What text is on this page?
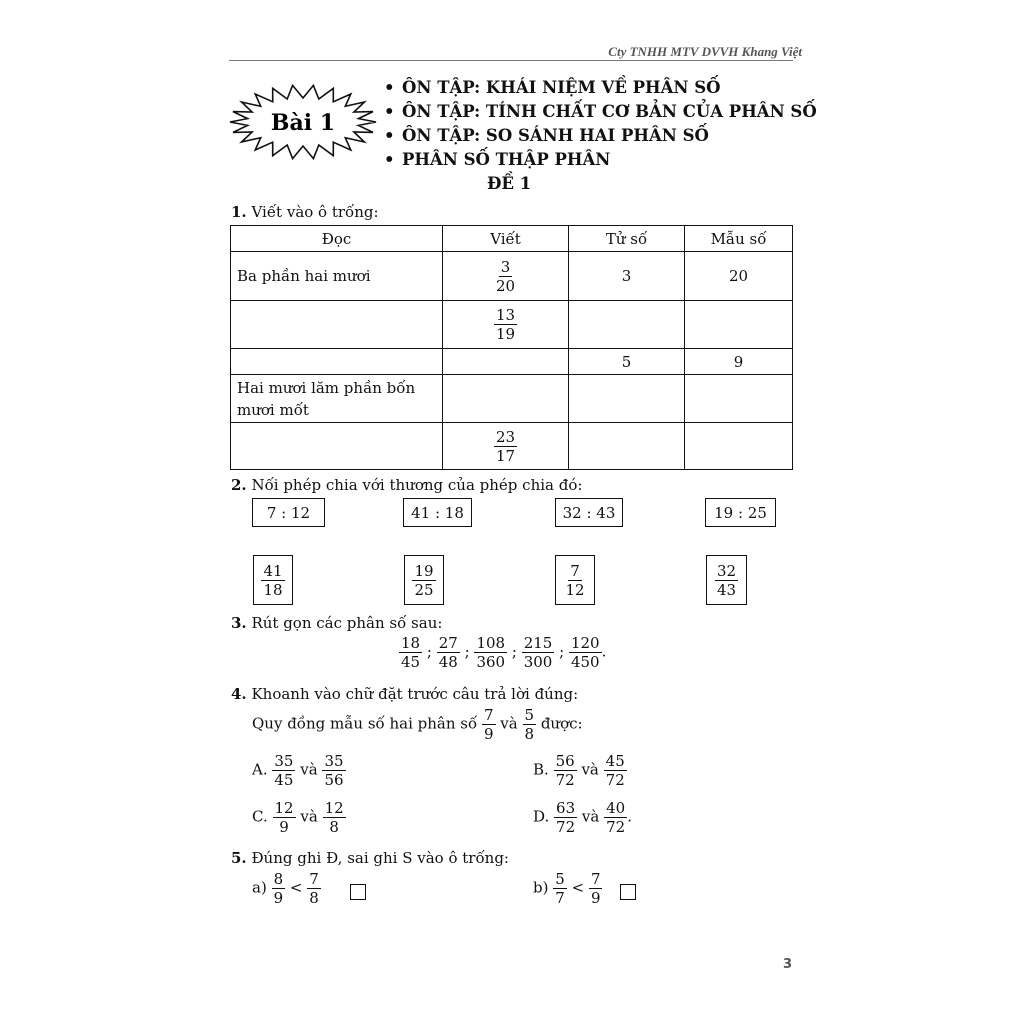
Cty TNHH MTV DVVH Khang Việt
Bài 1
• ÔN TẬP: KHÁI NIỆM VỀ PHÂN SỐ
• ÔN TẬP: TÍNH CHẤT CƠ BẢN CỦA PHÂN SỐ
• ÔN TẬP: SO SÁNH HAI PHÂN SỐ
• PHÂN SỐ THẬP PHÂN
ĐỀ 1
1. Viết vào ô trống:
Đọc	Viết	Tử số	Mẫu số
Ba phần hai mươi	$\frac{3}{20}$	3	20

	$\frac{13}{19}$

		5	9
Hai mươi lăm phần bốn mươi mốt			

	$\frac{23}{17}$

2. Nối phép chia với thương của phép chia đó:
7 : 12	41 : 18	32 : 43	19 : 25
$\frac{41}{18}$	$\frac{19}{25}$	$\frac{7}{12}$	$\frac{32}{43}$
3. Rút gọn các phân số sau:
$\frac{18}{45}$ ; $\frac{27}{48}$ ; $\frac{108}{360}$ ; $\frac{215}{300}$ ; $\frac{120}{450}$ .
4. Khoanh vào chữ đặt trước câu trả lời đúng:
Quy đồng mẫu số hai phân số $\frac{7}{9}$ và $\frac{5}{8}$ được:
A. $\frac{35}{45}$ và $\frac{35}{56}$	B. $\frac{56}{72}$ và $\frac{45}{72}$
C. $\frac{12}{9}$ và $\frac{12}{8}$	D. $\frac{63}{72}$ và $\frac{40}{72}$ .
5. Đúng ghi Đ, sai ghi S vào ô trống:
$a) \frac{8}{9} < \frac{7}{8}$	$b) \frac{5}{7} < \frac{7}{9}$
3
